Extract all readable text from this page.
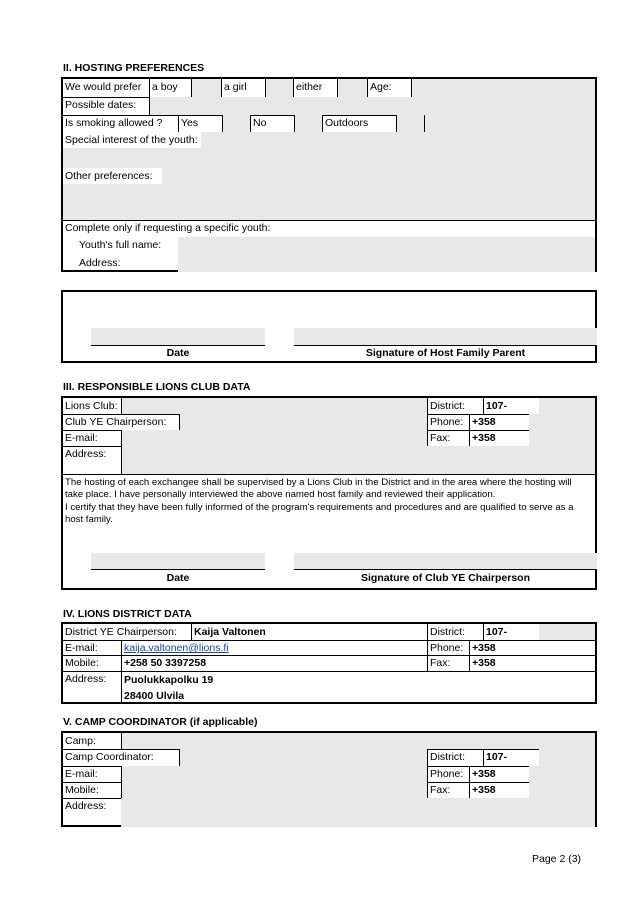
II. HOSTING PREFERENCES
We would prefer	a boy	a girl	either	Age:
Possible dates:
Is smoking allowed ?	Yes	No	Outdoors
Special interest of the youth:
Other preferences:
Complete only if requesting a specific youth:
Youth's full name:
Address:
Date	Signature of Host Family Parent
III. RESPONSIBLE LIONS CLUB DATA
Lions Club:	District:	107-
Club YE Chairperson:	Phone: +358
E-mail:	Fax:	+358
Address:
The hosting of each exchangee shall be supervised by a Lions Club in the District and in the area where the hosting will take place. I have personally interviewed the above named host family and reviewed their application.
I certify that they have been fully informed of the program's requirements and procedures and are qualified to serve as a host family.
Date	Signature of Club YE Chairperson
IV. LIONS DISTRICT DATA
District YE Chairperson:	Kaija Valtonen	District:	107-
E-mail:	kaija.valtonen@lions.fi	Phone: +358
Mobile:	+258 50 3397258	Fax:	+358
Address:	Puolukkapolku 19
28400 Ulvila
V. CAMP COORDINATOR (if applicable)
Camp:
Camp Coordinator:	District:	107-
E-mail:	Phone: +358
Mobile:	Fax:	+358
Address:
Page 2 (3)
